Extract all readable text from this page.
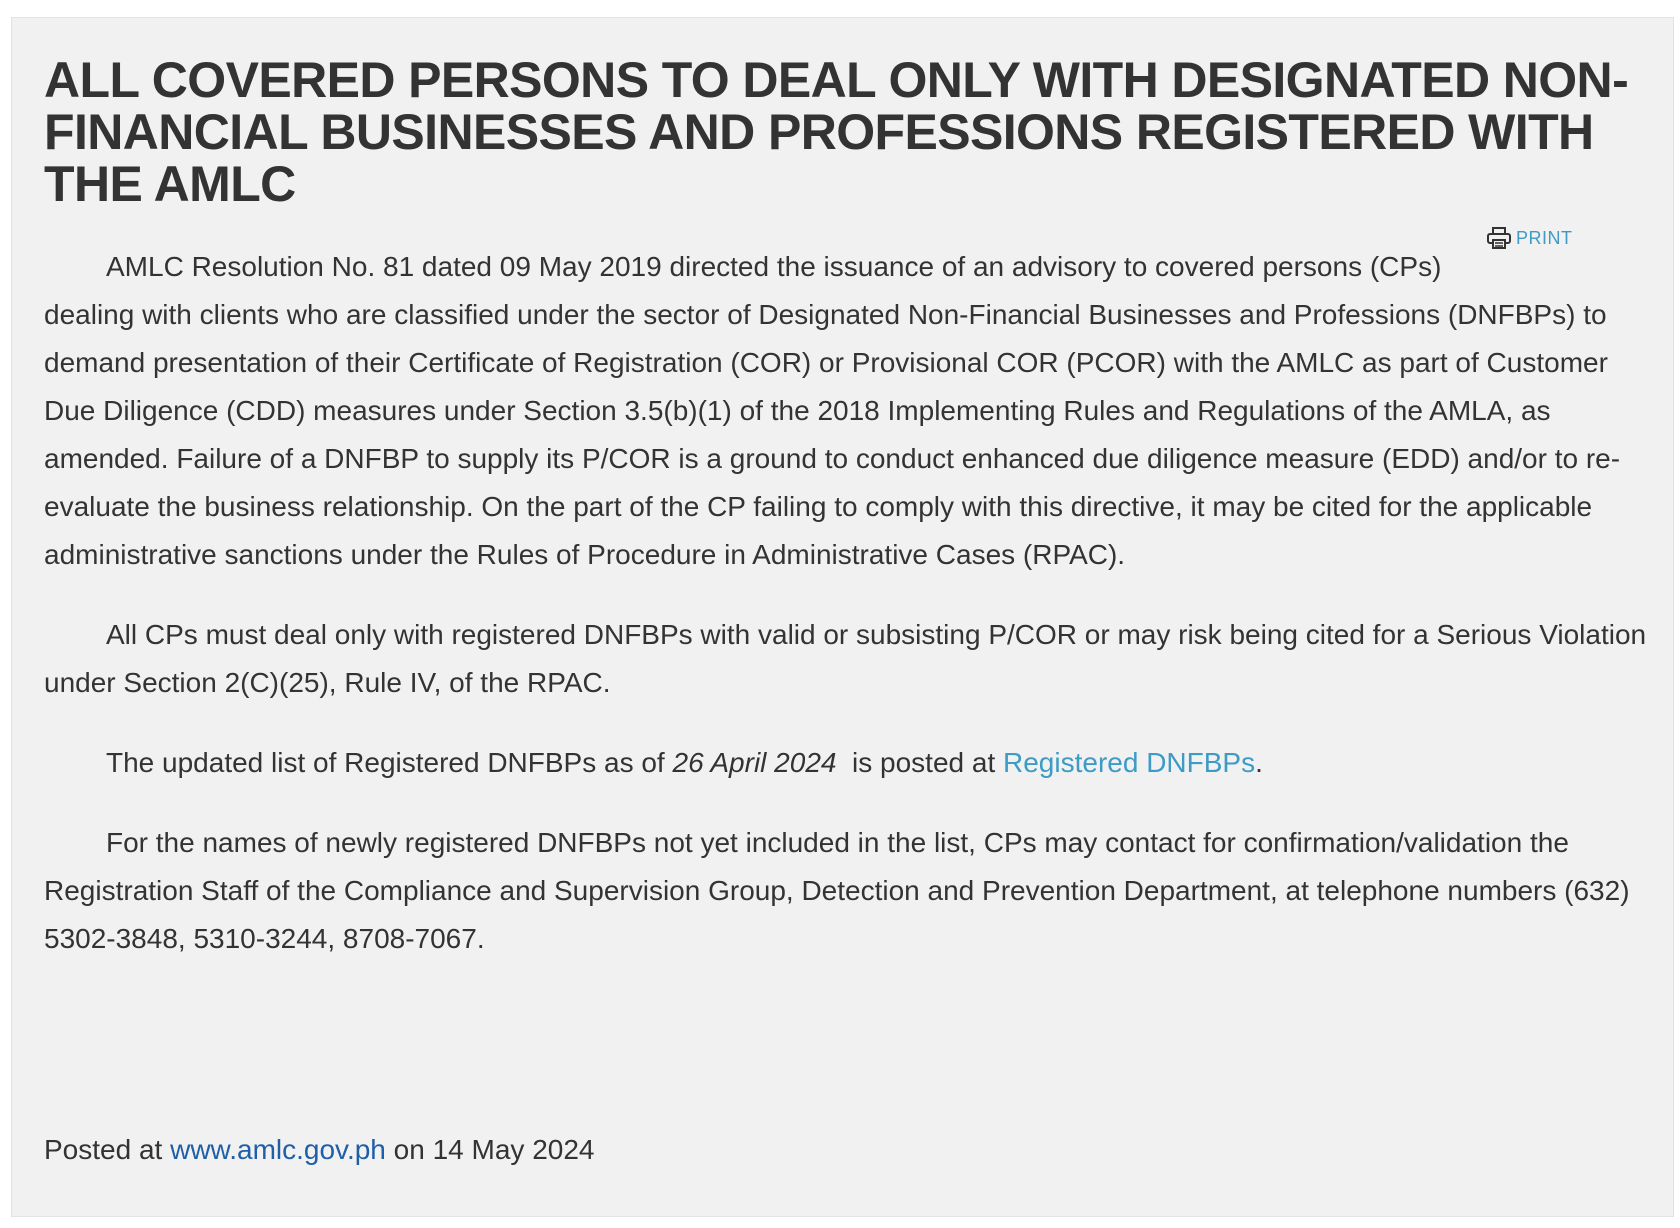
ALL COVERED PERSONS TO DEAL ONLY WITH DESIGNATED NON-FINANCIAL BUSINESSES AND PROFESSIONS REGISTERED WITH THE AMLC
PRINT

AMLC Resolution No. 81 dated 09 May 2019 directed the issuance of an advisory to covered persons (CPs) dealing with clients who are classified under the sector of Designated Non-Financial Businesses and Professions (DNFBPs) to demand presentation of their Certificate of Registration (COR) or Provisional COR (PCOR) with the AMLC as part of Customer Due Diligence (CDD) measures under Section 3.5(b)(1) of the 2018 Implementing Rules and Regulations of the AMLA, as amended. Failure of a DNFBP to supply its P/COR is a ground to conduct enhanced due diligence measure (EDD) and/or to re-evaluate the business relationship. On the part of the CP failing to comply with this directive, it may be cited for the applicable administrative sanctions under the Rules of Procedure in Administrative Cases (RPAC).

All CPs must deal only with registered DNFBPs with valid or subsisting P/COR or may risk being cited for a Serious Violation under Section 2(C)(25), Rule IV, of the RPAC.

The updated list of Registered DNFBPs as of 26 April 2024  is posted at Registered DNFBPs.

For the names of newly registered DNFBPs not yet included in the list, CPs may contact for confirmation/validation the Registration Staff of the Compliance and Supervision Group, Detection and Prevention Department, at telephone numbers (632) 5302-3848, 5310-3244, 8708-7067.

Posted at www.amlc.gov.ph on 14 May 2024
